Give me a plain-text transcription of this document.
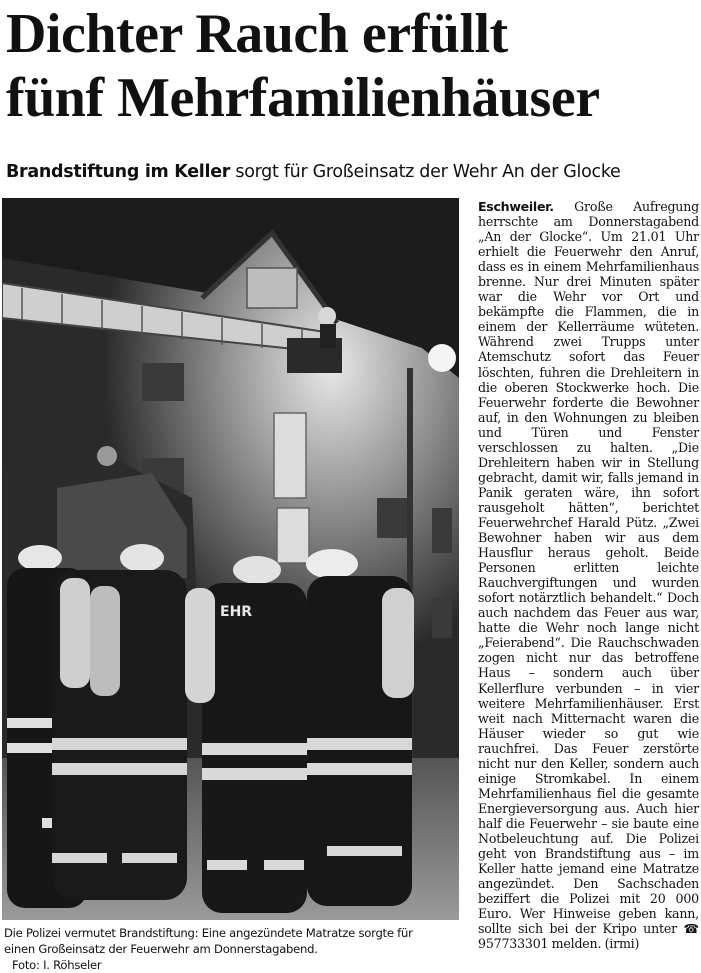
Dichter Rauch erfüllt
fünf Mehrfamilienhäuser

Brandstiftung im Keller sorgt für Großeinsatz der Wehr An der Glocke

EHR
Die Polizei vermutet Brandstiftung: Eine angezündete Matratze sorgte für
einen Großeinsatz der Feuerwehr am Donnerstagabend.
Foto: I. Röhseler
Eschweiler. Große Aufregung herrschte am Donnerstagabend „An der Glocke“. Um 21.01 Uhr erhielt die Feuerwehr den Anruf, dass es in einem Mehrfamilienhaus brenne. Nur drei Minuten später war die Wehr vor Ort und bekämpfte die Flammen, die in einem der Kellerräume wüteten. Während zwei Trupps unter Atemschutz sofort das Feuer löschten, fuhren die Drehleitern in die oberen Stockwerke hoch. Die Feuerwehr forderte die Bewohner auf, in den Wohnungen zu bleiben und Türen und Fenster verschlossen zu halten. „Die Drehleitern haben wir in Stellung gebracht, damit wir, falls jemand in Panik geraten wäre, ihn sofort rausgeholt hätten“, berichtet Feuerwehrchef Harald Pütz. „Zwei Bewohner haben wir aus dem Hausflur heraus geholt. Beide Personen erlitten leichte Rauchvergiftungen und wurden sofort notärztlich behandelt.“ Doch auch nachdem das Feuer aus war, hatte die Wehr noch lange nicht „Feierabend“. Die Rauchschwaden zogen nicht nur das betroffene Haus – sondern auch über Kellerflure verbunden – in vier weitere Mehrfamilienhäuser. Erst weit nach Mitternacht waren die Häuser wieder so gut wie rauchfrei. Das Feuer zerstörte nicht nur den Keller, sondern auch einige Stromkabel. In einem Mehrfamilienhaus fiel die gesamte Energieversorgung aus. Auch hier half die Feuerwehr – sie baute eine Notbeleuchtung auf. Die Polizei geht von Brandstiftung aus – im Keller hatte jemand eine Matratze angezündet. Den Sachschaden beziffert die Polizei mit 20 000 Euro. Wer Hinweise geben kann, sollte sich bei der Kripo unter ☎ 957733301 melden. (irmi)
